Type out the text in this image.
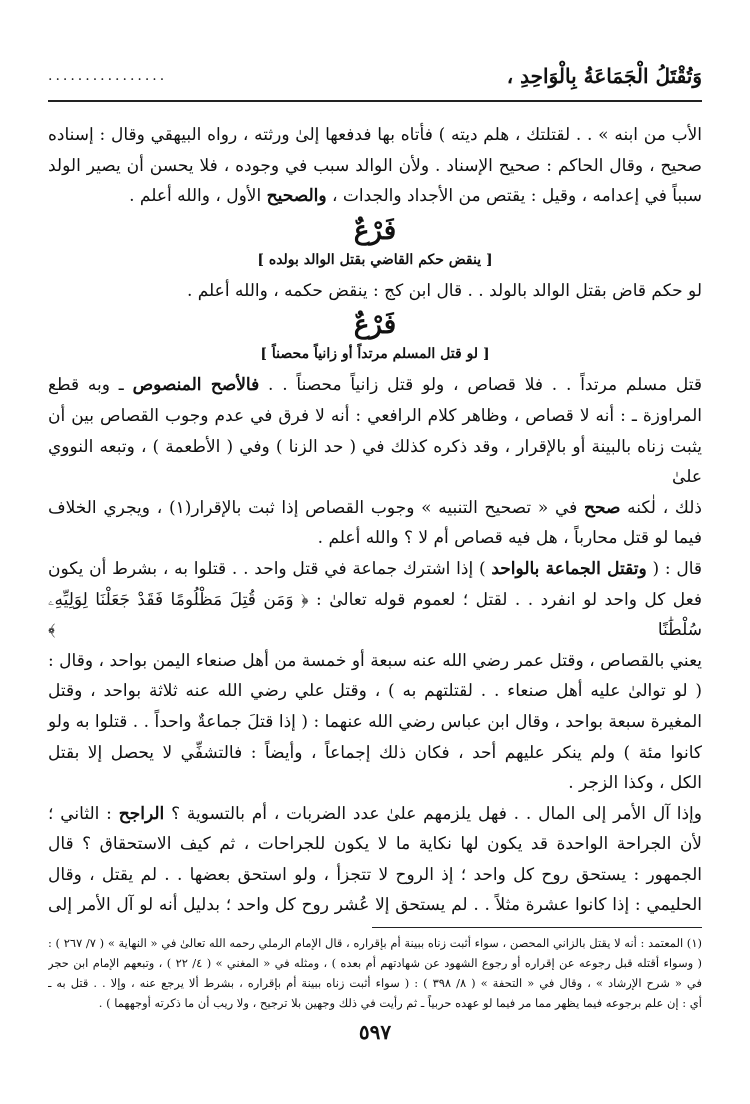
وَتُقْتَلُ الْجَمَاعَةُ بِالْوَاحِدِ ،
................

الأب من ابنه » . . لقتلتك ، هلم ديته ) فأتاه بها فدفعها إلىٰ ورثته ، رواه البيهقي وقال : إسناده
صحيح ، وقال الحاكم : صحيح الإسناد . ولأن الوالد سبب في وجوده ، فلا يحسن أن يصير الولد
سبباً في إعدامه ، وقيل : يقتص من الأجداد والجدات ، والصحيح الأول ، والله أعلم .

فَرْعٌ
[ ينقض حكم القاضي بقتل الوالد بولده ]

لو حكم قاض بقتل الوالد بالولد . . قال ابن كج : ينقض حكمه ، والله أعلم .

فَرْعٌ
[ لو قتل المسلم مرتداً أو زانياً محصناً ]

قتل مسلم مرتداً . . فلا قصاص ، ولو قتل زانياً محصناً . . فالأصح المنصوص ـ وبه قطع
المراوزة ـ : أنه لا قصاص ، وظاهر كلام الرافعي : أنه لا فرق في عدم وجوب القصاص بين أن
يثبت زناه بالبينة أو بالإقرار ، وقد ذكره كذلك في ( حد الزنا ) وفي ( الأطعمة ) ، وتبعه النووي علىٰ
ذلك ، لٰكنه صحح في « تصحيح التنبيه » وجوب القصاص إذا ثبت بالإقرار(١) ، ويجري الخلاف
فيما لو قتل محارباً ، هل فيه قصاص أم لا ؟ والله أعلم .

قال : ( وتقتل الجماعة بالواحد ) إذا اشترك جماعة في قتل واحد . . قتلوا به ، بشرط أن يكون
فعل كل واحد لو انفرد . . لقتل ؛ لعموم قوله تعالىٰ : ﴿ وَمَن قُتِلَ مَظْلُومًا فَقَدْ جَعَلْنَا لِوَلِيِّهِۦ سُلْطَٰنًا ﴾
يعني بالقصاص ، وقتل عمر رضي الله عنه سبعة أو خمسة من أهل صنعاء اليمن بواحد ، وقال :
( لو توالىٰ عليه أهل صنعاء . . لقتلتهم به ) ، وقتل علي رضي الله عنه ثلاثة بواحد ، وقتل
المغيرة سبعة بواحد ، وقال ابن عباس رضي الله عنهما : ( إذا قتلَ جماعةٌ واحداً . . قتلوا به ولو
كانوا مئة ) ولم ينكر عليهم أحد ، فكان ذلك إجماعاً ، وأيضاً : فالتشفِّي لا يحصل إلا بقتل
الكل ، وكذا الزجر .

وإذا آل الأمر إلى المال . . فهل يلزمهم علىٰ عدد الضربات ، أم بالتسوية ؟ الراجح : الثاني ؛
لأن الجراحة الواحدة قد يكون لها نكاية ما لا يكون للجراحات ، ثم كيف الاستحقاق ؟ قال
الجمهور : يستحق روح كل واحد ؛ إذ الروح لا تتجزأ ، ولو استحق بعضها . . لم يقتل ، وقال
الحليمي : إذا كانوا عشرة مثلاً . . لم يستحق إلا عُشر روح كل واحد ؛ بدليل أنه لو آل الأمر إلى

(١) المعتمد : أنه لا يقتل بالزاني المحصن ، سواء أثبت زناه ببينة أم بإقراره ، قال الإمام الرملي رحمه الله تعالىٰ في « النهاية » ( ٧/ ٢٦٧ ) :
( وسواء أقتله قبل رجوعه عن إقراره أو رجوع الشهود عن شهادتهم أم بعده ) ، ومثله في « المغني » ( ٤/ ٢٢ ) ، وتبعهم الإمام ابن حجر
في « شرح الإرشاد » ، وقال في « التحفة » ( ٨/ ٣٩٨ ) : ( سواء أثبت زناه ببينة أم بإقراره ، بشرط ألا يرجع عنه ، وإلا . . قتل به ـ
أي : إن علم برجوعه فيما يظهر مما مر فيما لو عهده حربياً ـ ثم رأيت في ذلك وجهين بلا ترجيح ، ولا ريب أن ما ذكرته أوجههما ) .
٥٩٧
